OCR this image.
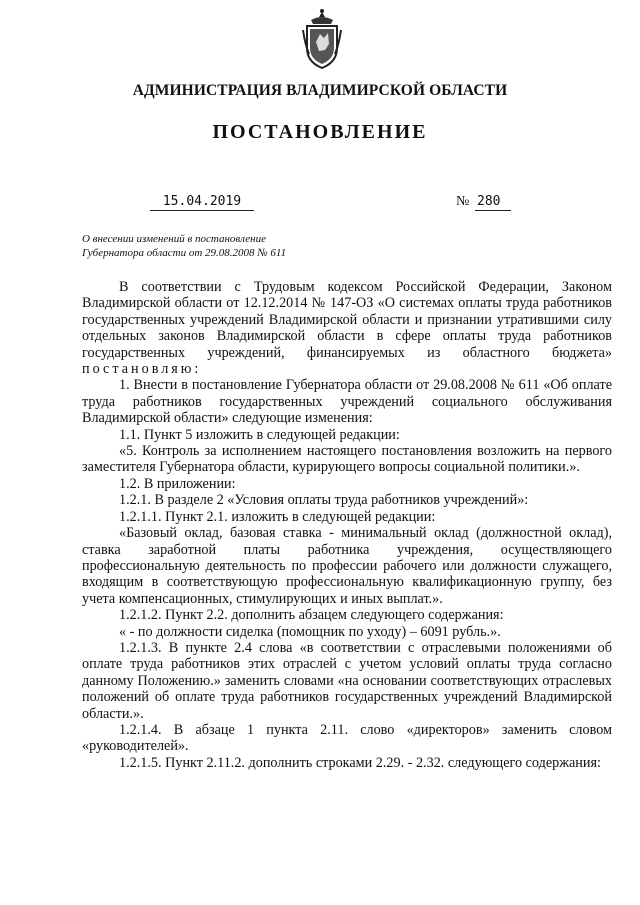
АДМИНИСТРАЦИЯ ВЛАДИМИРСКОЙ ОБЛАСТИ
ПОСТАНОВЛЕНИЕ
15.04.2019	№ 280
О внесении изменений в постановление
Губернатора области от 29.08.2008 № 611

В соответствии с Трудовым кодексом Российской Федерации, Законом Владимирской области от 12.12.2014 № 147-ОЗ «О системах оплаты труда работников государственных учреждений Владимирской области и признании утратившими силу отдельных законов Владимирской области в сфере оплаты труда работников государственных учреждений, финансируемых из областного бюджета» постановляю:

1. Внести в постановление Губернатора области от 29.08.2008 № 611 «Об оплате труда работников государственных учреждений социального обслуживания Владимирской области» следующие изменения:

1.1. Пункт 5 изложить в следующей редакции:

«5. Контроль за исполнением настоящего постановления возложить на первого заместителя Губернатора области, курирующего вопросы социальной политики.».

1.2. В приложении:

1.2.1. В разделе 2 «Условия оплаты труда работников учреждений»:

1.2.1.1. Пункт 2.1. изложить в следующей редакции:

«Базовый оклад, базовая ставка - минимальный оклад (должностной оклад), ставка заработной платы работника учреждения, осуществляющего профессиональную деятельность по профессии рабочего или должности служащего, входящим в соответствующую профессиональную квалификационную группу, без учета компенсационных, стимулирующих и иных выплат.».

1.2.1.2. Пункт 2.2. дополнить абзацем следующего содержания:

« - по должности сиделка (помощник по уходу) – 6091 рубль.».

1.2.1.3. В пункте 2.4 слова «в соответствии с отраслевыми положениями об оплате труда работников этих отраслей с учетом условий оплаты труда согласно данному Положению.» заменить словами «на основании соответствующих отраслевых положений об оплате труда работников государственных учреждений Владимирской области.».

1.2.1.4. В абзаце 1 пункта 2.11. слово «директоров» заменить словом «руководителей».

1.2.1.5. Пункт 2.11.2. дополнить строками 2.29. - 2.32. следующего содержания:
